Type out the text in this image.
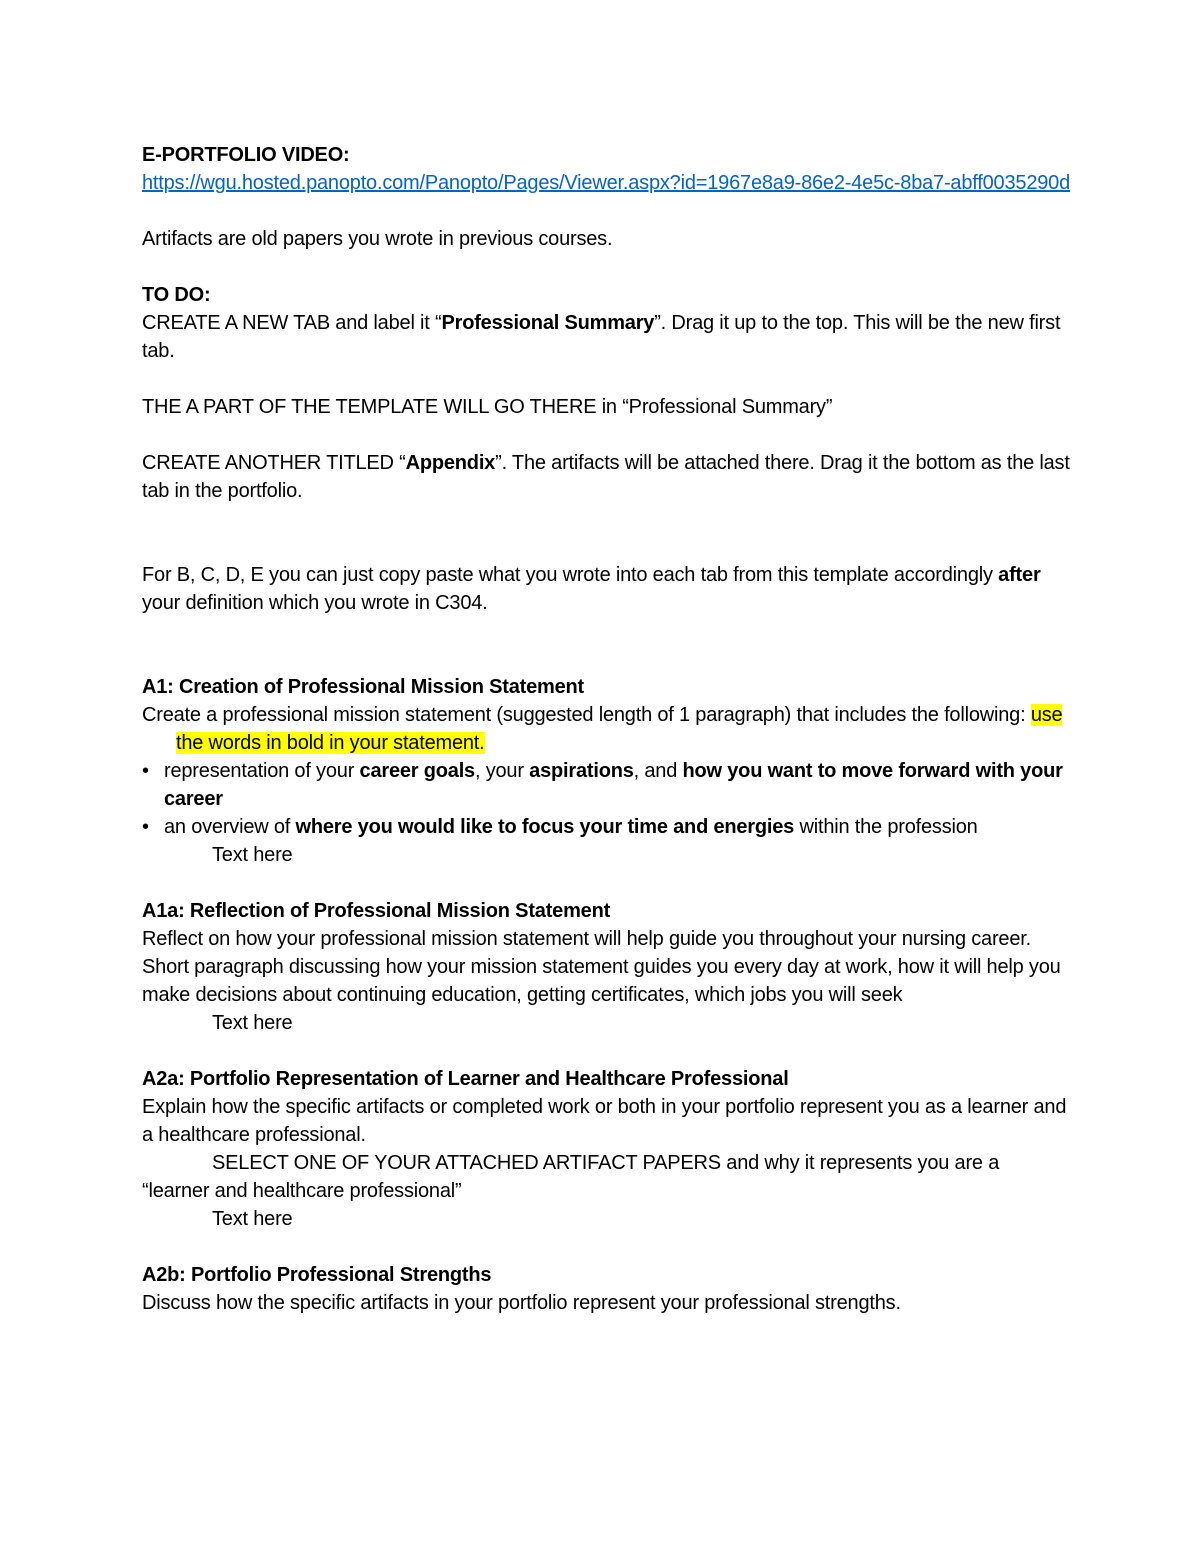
E-PORTFOLIO VIDEO:

https://wgu.hosted.panopto.com/Panopto/Pages/Viewer.aspx?id=1967e8a9-86e2-4e5c-8ba7-abff0035290d

Artifacts are old papers you wrote in previous courses.

TO DO:

CREATE A NEW TAB and label it “Professional Summary”. Drag it up to the top. This will be the new first tab.

THE A PART OF THE TEMPLATE WILL GO THERE in “Professional Summary”

CREATE ANOTHER TITLED “Appendix”. The artifacts will be attached there. Drag it the bottom as the last tab in the portfolio.

For B, C, D, E you can just copy paste what you wrote into each tab from this template accordingly after your definition which you wrote in C304.

A1: Creation of Professional Mission Statement

Create a professional mission statement (suggested length of 1 paragraph) that includes the following: use the words in bold in your statement.

• representation of your career goals, your aspirations, and how you want to move forward with your career
• an overview of where you would like to focus your time and energies within the profession

Text here

A1a: Reflection of Professional Mission Statement

Reflect on how your professional mission statement will help guide you throughout your nursing career.

Short paragraph discussing how your mission statement guides you every day at work, how it will help you make decisions about continuing education, getting certificates, which jobs you will seek

Text here

A2a: Portfolio Representation of Learner and Healthcare Professional

Explain how the specific artifacts or completed work or both in your portfolio represent you as a learner and a healthcare professional.

SELECT ONE OF YOUR ATTACHED ARTIFACT PAPERS and why it represents you are a “learner and healthcare professional”

Text here

A2b: Portfolio Professional Strengths

Discuss how the specific artifacts in your portfolio represent your professional strengths.
